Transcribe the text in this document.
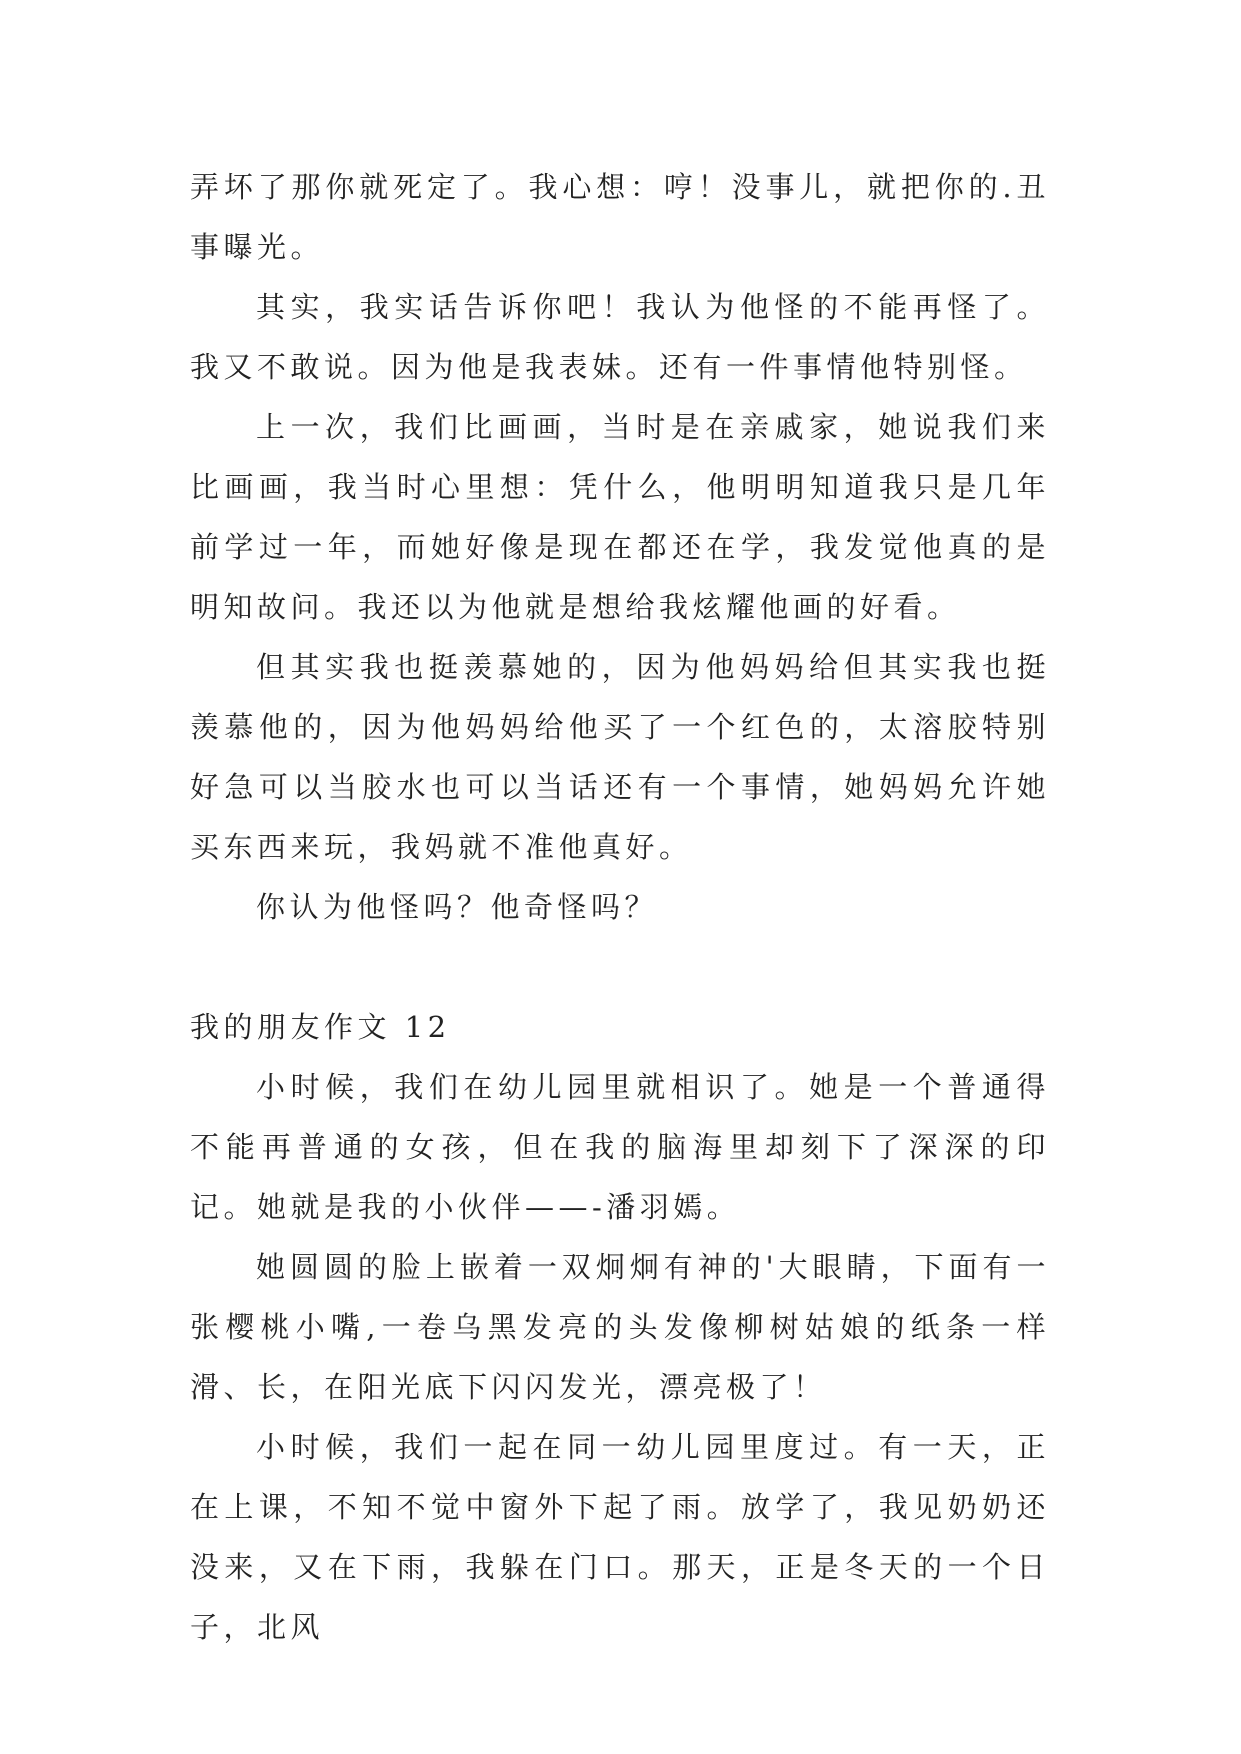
弄坏了那你就死定了。我心想：哼！没事儿，就把你的.丑事曝光。

其实，我实话告诉你吧！我认为他怪的不能再怪了。我又不敢说。因为他是我表妹。还有一件事情他特别怪。

上一次，我们比画画，当时是在亲戚家，她说我们来比画画，我当时心里想：凭什么，他明明知道我只是几年前学过一年，而她好像是现在都还在学，我发觉他真的是明知故问。我还以为他就是想给我炫耀他画的好看。

但其实我也挺羡慕她的，因为他妈妈给但其实我也挺羡慕他的，因为他妈妈给他买了一个红色的，太溶胶特别好急可以当胶水也可以当话还有一个事情，她妈妈允许她买东西来玩，我妈就不准他真好。

你认为他怪吗？他奇怪吗？

我的朋友作文 12

小时候，我们在幼儿园里就相识了。她是一个普通得不能再普通的女孩，但在我的脑海里却刻下了深深的印记。她就是我的小伙伴——-潘羽嫣。

她圆圆的脸上嵌着一双炯炯有神的'大眼睛，下面有一张樱桃小嘴,一卷乌黑发亮的头发像柳树姑娘的纸条一样滑、长，在阳光底下闪闪发光，漂亮极了！

小时候，我们一起在同一幼儿园里度过。有一天，正在上课，不知不觉中窗外下起了雨。放学了，我见奶奶还没来，又在下雨，我躲在门口。那天，正是冬天的一个日子，北风
